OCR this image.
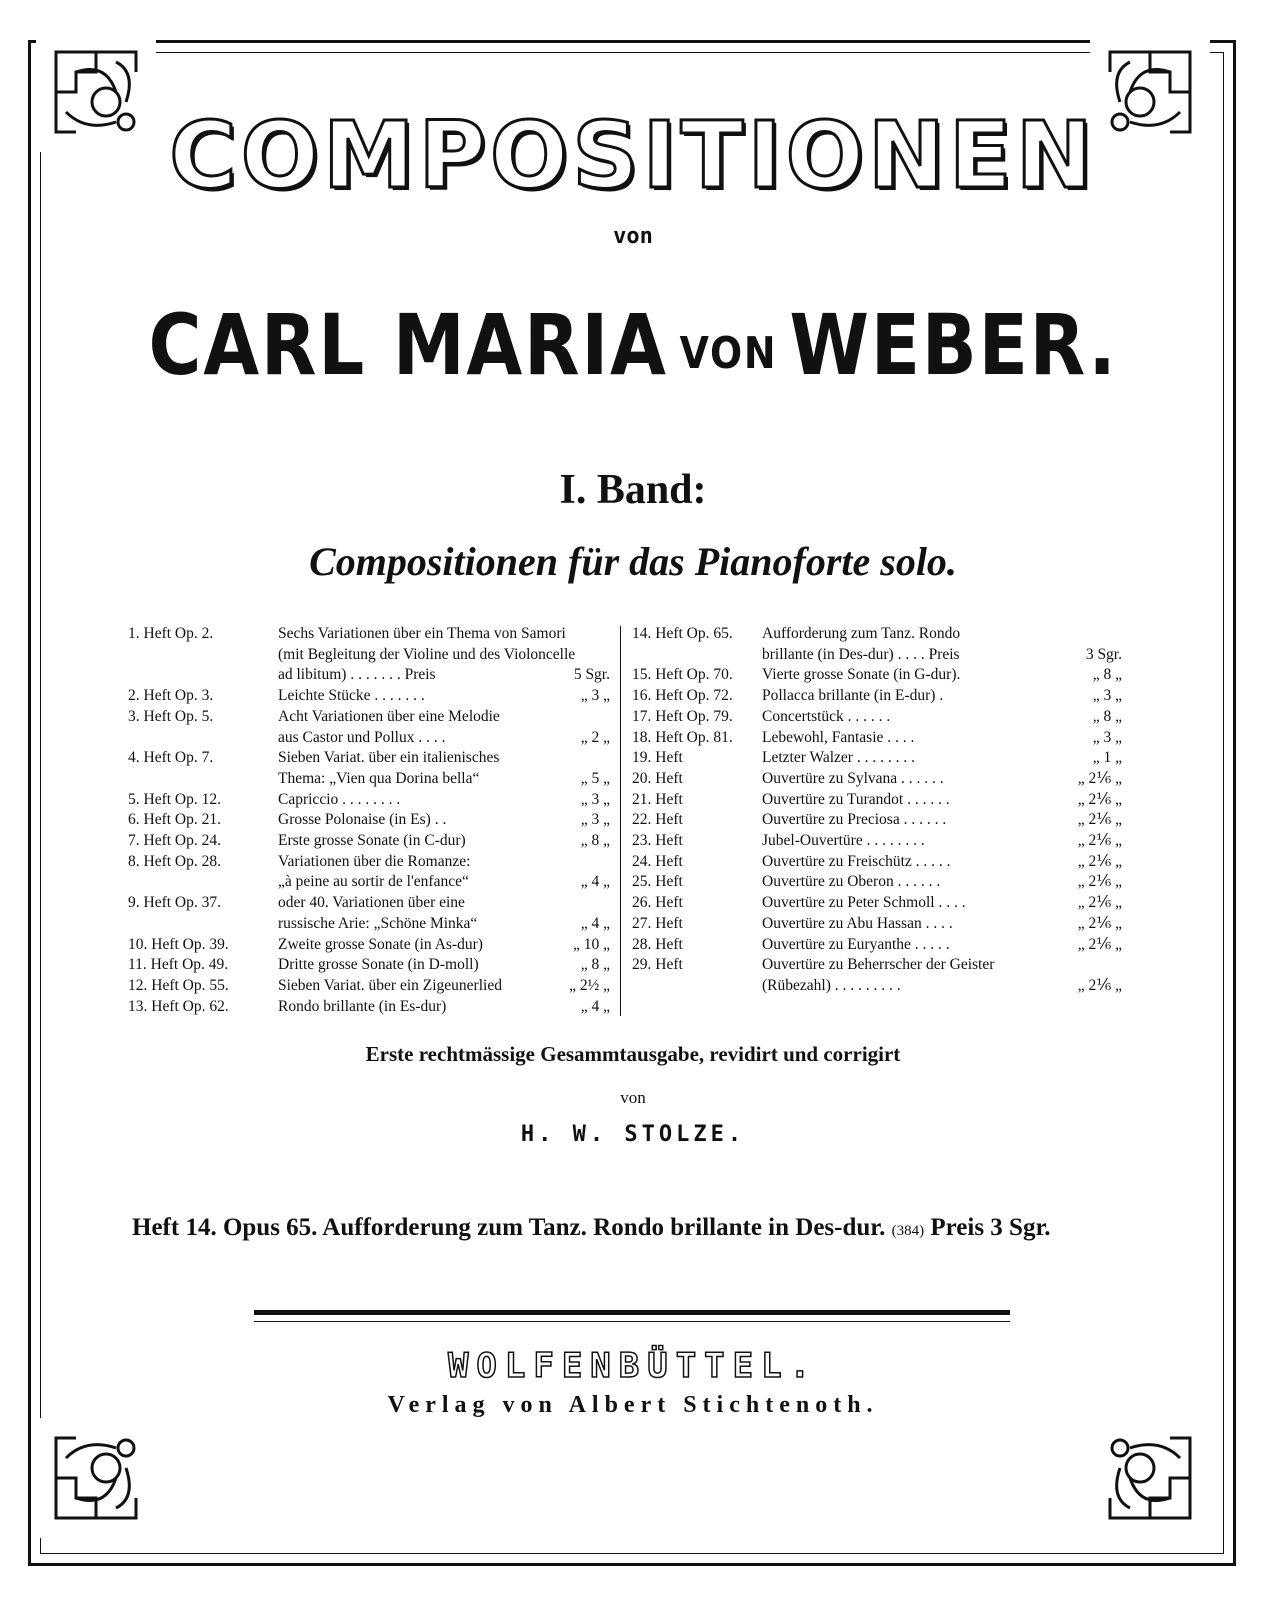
COMPOSITIONEN
von
CARL MARIA VON WEBER.
I. Band:
Compositionen für das Pianoforte solo.
1. Heft Op. 2.	Sechs Variationen über ein Thema von Samori
(mit Begleitung der Violine und des Violoncelle
ad libitum) . . . . . . . Preis	5 Sgr.
2. Heft Op. 3.	Leichte Stücke . . . . . . .	„ 3 „
3. Heft Op. 5.	Acht Variationen über eine Melodie
aus Castor und Pollux . . . .	„ 2 „
4. Heft Op. 7.	Sieben Variat. über ein italienisches
Thema: „Vien qua Dorina bella“	„ 5 „
5. Heft Op. 12.	Capriccio . . . . . . . .	„ 3 „
6. Heft Op. 21.	Grosse Polonaise (in Es) . .	„ 3 „
7. Heft Op. 24.	Erste grosse Sonate (in C-dur)	„ 8 „
8. Heft Op. 28.	Variationen über die Romanze:
„à peine au sortir de l'enfance“	„ 4 „
9. Heft Op. 37.	oder 40. Variationen über eine
russische Arie: „Schöne Minka“	„ 4 „
10. Heft Op. 39.	Zweite grosse Sonate (in As-dur)	„ 10 „
11. Heft Op. 49.	Dritte grosse Sonate (in D-moll)	„ 8 „
12. Heft Op. 55.	Sieben Variat. über ein Zigeunerlied	„ 2½ „
13. Heft Op. 62.	Rondo brillante (in Es-dur)	„ 4 „
14. Heft Op. 65.	Aufforderung zum Tanz. Rondo
brillante (in Des-dur) . . . . Preis	3 Sgr.
15. Heft Op. 70.	Vierte grosse Sonate (in G-dur).	„ 8 „
16. Heft Op. 72.	Pollacca brillante (in E-dur) .	„ 3 „
17. Heft Op. 79.	Concertstück . . . . . .	„ 8 „
18. Heft Op. 81.	Lebewohl, Fantasie . . . .	„ 3 „
19. Heft	Letzter Walzer . . . . . . . .	„ 1 „
20. Heft	Ouvertüre zu Sylvana . . . . . .	„ 2⅙ „
21. Heft	Ouvertüre zu Turandot . . . . . .	„ 2⅙ „
22. Heft	Ouvertüre zu Preciosa . . . . . .	„ 2⅙ „
23. Heft	Jubel-Ouvertüre . . . . . . . .	„ 2⅙ „
24. Heft	Ouvertüre zu Freischütz . . . . .	„ 2⅙ „
25. Heft	Ouvertüre zu Oberon . . . . . .	„ 2⅙ „
26. Heft	Ouvertüre zu Peter Schmoll . . . .	„ 2⅙ „
27. Heft	Ouvertüre zu Abu Hassan . . . .	„ 2⅙ „
28. Heft	Ouvertüre zu Euryanthe . . . . .	„ 2⅙ „
29. Heft	Ouvertüre zu Beherrscher der Geister
(Rübezahl) . . . . . . . . .	„ 2⅙ „
Erste rechtmässige Gesammtausgabe, revidirt und corrigirt
von
H. W. STOLZE.
Heft 14. Opus 65. Aufforderung zum Tanz. Rondo brillante in Des-dur. (384) Preis 3 Sgr.
WOLFENBÜTTEL.
Verlag von Albert Stichtenoth.
